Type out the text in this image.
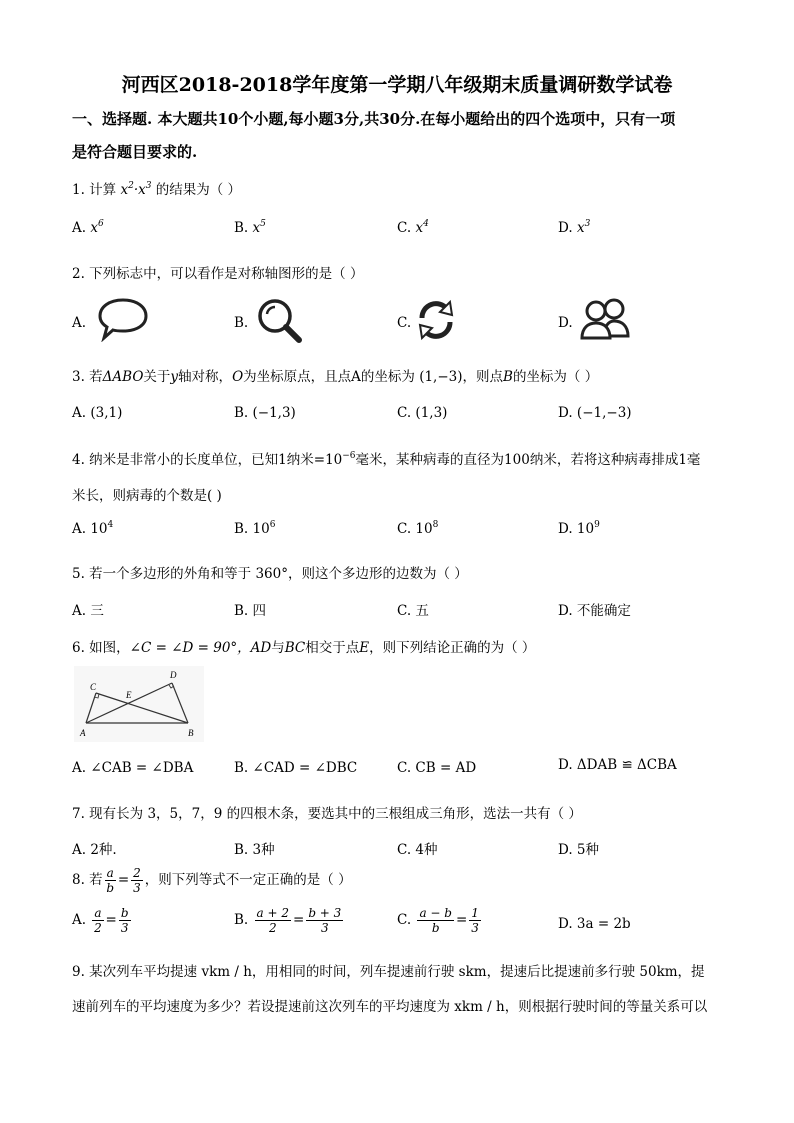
河西区2018-2018学年度第一学期八年级期末质量调研数学试卷
一、选择题. 本大题共10个小题,每小题3分,共30分.在每小题给出的四个选项中，只有一项
是符合题目要求的.
1. 计算 $x^2\cdot x^3$ 的结果为（ ）
A. $x^6$	B. $x^5$	C. $x^4$	D. $x^3$
2. 下列标志中，可以看作是对称轴图形的是（ ）
A.	B.	C.	D.
3. 若ΔABO关于y轴对称，O为坐标原点，且点A的坐标为 (1,−3)，则点B的坐标为（ ）
A. (3,1)	B. (−1,3)	C. (1,3)	D. (−1,−3)
4. 纳米是非常小的长度单位，已知1纳米$=10^{-6}$毫米，某种病毒的直径为100纳米，若将这种病毒排成1毫
米长，则病毒的个数是( )
A. $10^4$	B. $10^6$	C. $10^8$	D. $10^9$
5. 若一个多边形的外角和等于 360°，则这个多边形的边数为（ ）
A. 三	B. 四	C. 五	D. 不能确定
6. 如图，∠C = ∠D = 90°，AD与BC相交于点E，则下列结论正确的为（ ）
C
D
E
A	B
A. ∠CAB = ∠DBA	B. ∠CAD = ∠DBC	C. CB = AD	D. ΔDAB ≌ ΔCBA
7. 现有长为 3，5，7，9 的四根木条，要选其中的三根组成三角形，选法一共有（ ）
A. 2种.	B. 3种	C. 4种	D. 5种
8. 若 $\frac{a}{b} = \frac{2}{3}$ ，则下列等式不一定正确的是（ ）
A. $\frac{a}{2} = \frac{b}{3}$	B. $\frac{a + 2}{2} = \frac{b + 3}{3}$	C. $\frac{a - b}{b} = \frac{1}{3}$	D. 3a = 2b
9. 某次列车平均提速 vkm / h，用相同的时间，列车提速前行驶 skm，提速后比提速前多行驶 50km，提
速前列车的平均速度为多少？若设提速前这次列车的平均速度为 xkm / h，则根据行驶时间的等量关系可以
